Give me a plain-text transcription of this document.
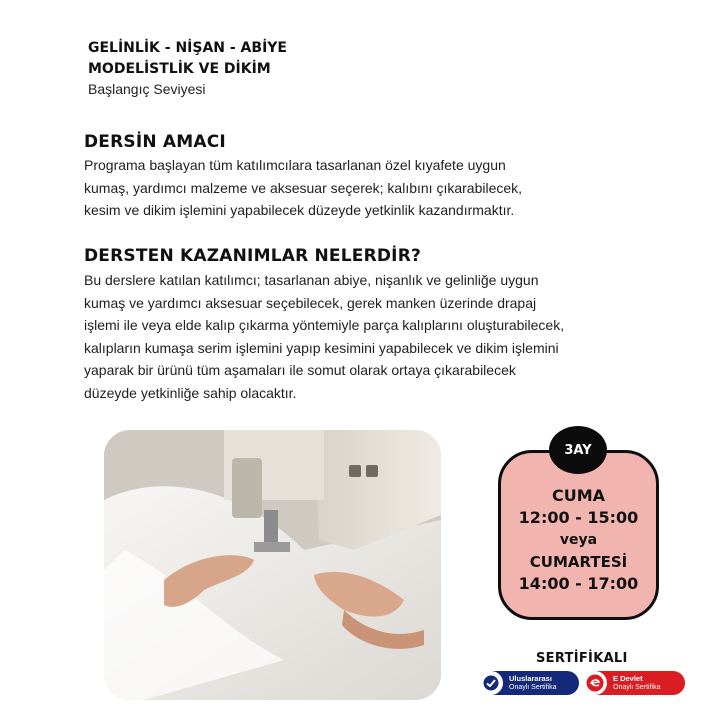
GELİNLİK - NİŞAN - ABİYE
MODELİSTLİK VE DİKİM
Başlangıç Seviyesi
DERSİN AMACI
Programa başlayan tüm katılımcılara tasarlanan özel kıyafete uygun
kumaş, yardımcı malzeme ve aksesuar seçerek; kalıbını çıkarabilecek,
kesim ve dikim işlemini yapabilecek düzeyde yetkinlik kazandırmaktır.
DERSTEN KAZANIMLAR NELERDİR?
Bu derslere katılan katılımcı; tasarlanan abiye, nişanlık ve gelinliğe uygun
kumaş ve yardımcı aksesuar seçebilecek, gerek manken üzerinde drapaj
işlemi ile veya elde kalıp çıkarma yöntemiyle parça kalıplarını oluşturabilecek,
kalıpların kumaşa serim işlemini yapıp kesimini yapabilecek ve dikim işlemini
yaparak bir ürünü tüm aşamaları ile somut olarak ortaya çıkarabilecek
düzeyde yetkinliğe sahip olacaktır.
3AY
CUMA
12:00 - 15:00
veya
CUMARTESİ
14:00 - 17:00
SERTİFİKALI
Uluslararası
Onaylı Sertifika
E Devlet
Onaylı Sertifika
